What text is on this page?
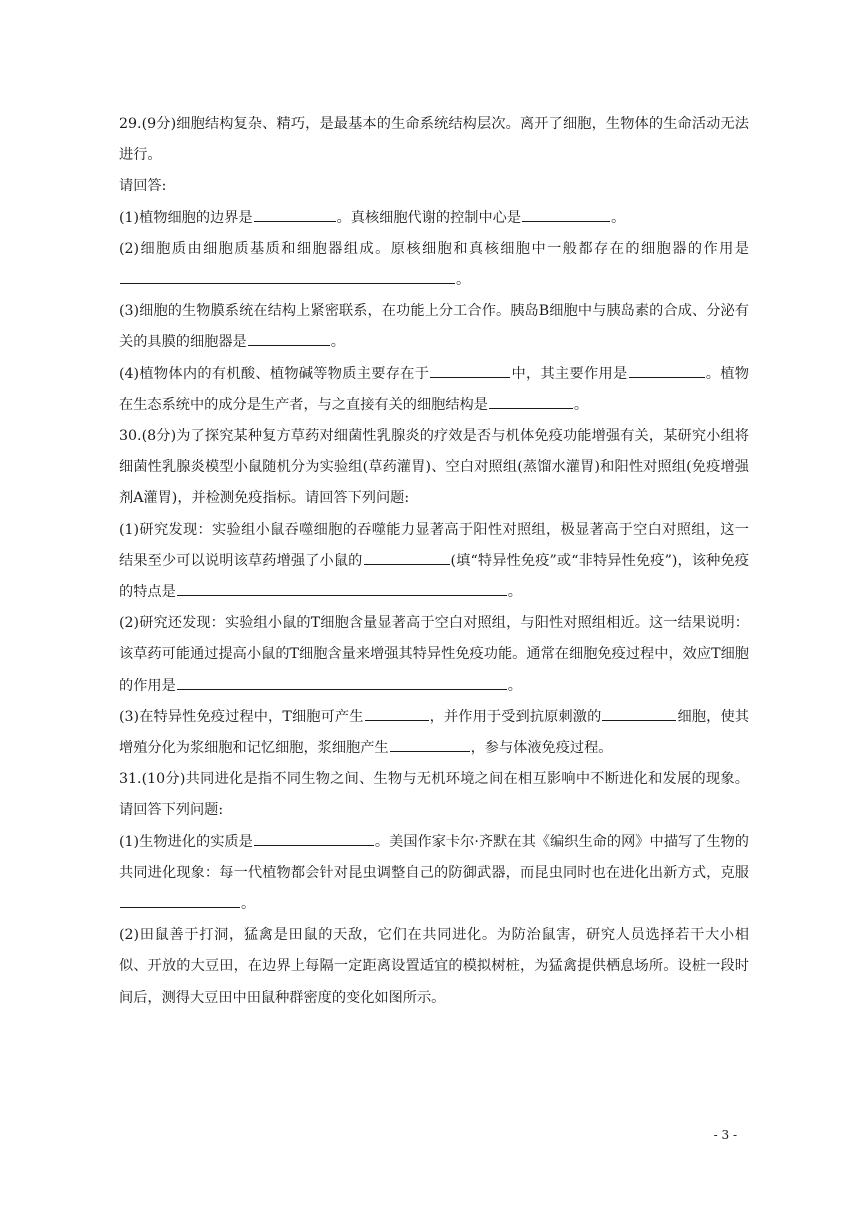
29.(9分)细胞结构复杂、精巧，是最基本的生命系统结构层次。离开了细胞，生物体的生命活动无法进行。

请回答:

(1)植物细胞的边界是	。真核细胞代谢的控制中心是	。

(2)细胞质由细胞质基质和细胞器组成。原核细胞和真核细胞中一般都存在的细胞器的作用是。

(3)细胞的生物膜系统在结构上紧密联系，在功能上分工合作。胰岛B细胞中与胰岛素的合成、分泌有关的具膜的细胞器是	。

(4)植物体内的有机酸、植物碱等物质主要存在于	中，其主要作用是	。植物在生态系统中的成分是生产者，与之直接有关的细胞结构是	。

30.(8分)为了探究某种复方草药对细菌性乳腺炎的疗效是否与机体免疫功能增强有关，某研究小组将细菌性乳腺炎模型小鼠随机分为实验组(草药灌胃)、空白对照组(蒸馏水灌胃)和阳性对照组(免疫增强剂A灌胃)，并检测免疫指标。请回答下列问题:

(1)研究发现：实验组小鼠吞噬细胞的吞噬能力显著高于阳性对照组，极显著高于空白对照组，这一结果至少可以说明该草药增强了小鼠的	(填“特异性免疫”或“非特异性免疫”)，该种免疫的特点是	。

(2)研究还发现：实验组小鼠的T细胞含量显著高于空白对照组，与阳性对照组相近。这一结果说明：该草药可能通过提高小鼠的T细胞含量来增强其特异性免疫功能。通常在细胞免疫过程中，效应T细胞的作用是	。

(3)在特异性免疫过程中，T细胞可产生	，并作用于受到抗原刺激的	细胞，使其增殖分化为浆细胞和记忆细胞，浆细胞产生	，参与体液免疫过程。

31.(10分)共同进化是指不同生物之间、生物与无机环境之间在相互影响中不断进化和发展的现象。请回答下列问题:

(1)生物进化的实质是	。美国作家卡尔·齐默在其《编织生命的网》中描写了生物的共同进化现象：每一代植物都会针对昆虫调整自己的防御武器，而昆虫同时也在进化出新方式，克服。

(2)田鼠善于打洞，猛禽是田鼠的天敌，它们在共同进化。为防治鼠害，研究人员选择若干大小相似、开放的大豆田，在边界上每隔一定距离设置适宜的模拟树桩，为猛禽提供栖息场所。设桩一段时间后，测得大豆田中田鼠种群密度的变化如图所示。

- 3 -
